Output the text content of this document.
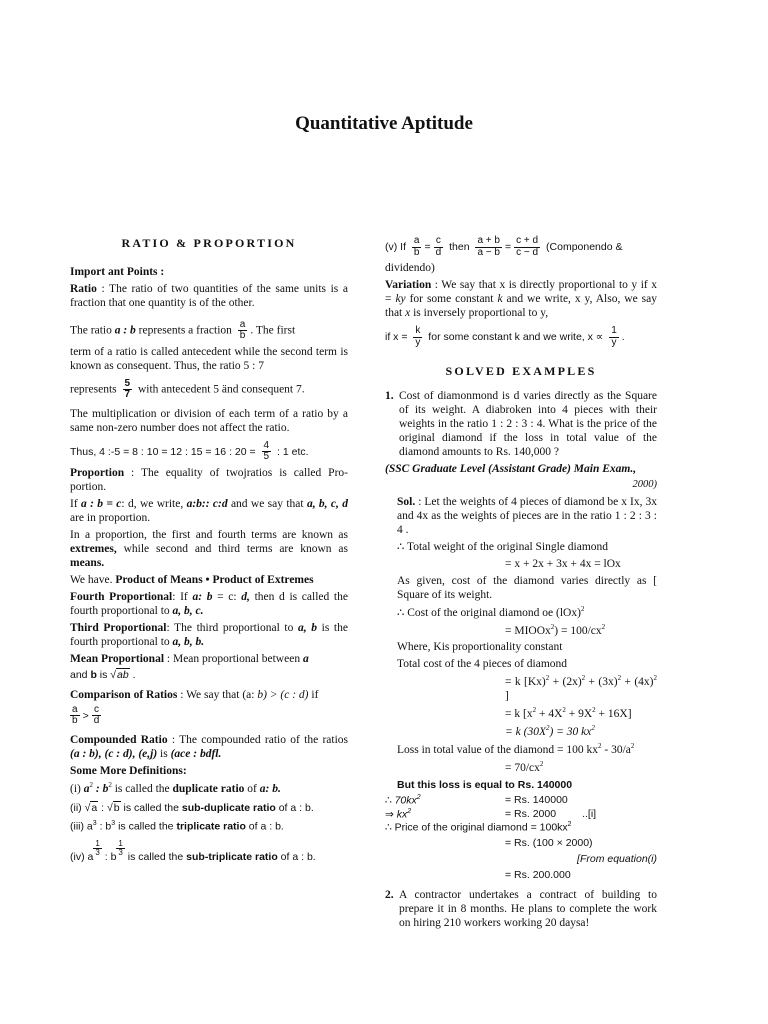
Quantitative Aptitude
RATIO & PROPORTION

Import ant Points :

Ratio : The ratio of two quantities of the same units is a fraction that one quantity is of the other.

The ratio a : b represents a fraction $\frac{a}{b}$ . The first

term of a ratio is called antecedent while the second term is known as consequent. Thus, the ratio 5 : 7

represents $\frac{5}{7}$ with antecedent 5 änd consequent 7.

The multiplication or division of each term of a ratio by a same non-zero number does not affect the ratio.

Thus, 4 :-5 = 8 : 10 = 12 : 15 = 16 : $20 = \frac{4}{5}$ : 1 etc.

Proportion : The equality of twojratios is called Pro-portion.

If a : b = c: d, we write, a:b:: c:d and we say that a, b, c, d are in proportion.

In a proportion, the first and fourth terms are known as extremes, while second and third terms are known as means.

We have. Product of Means • Product of Extremes

Fourth Proportional: If a: b = c: d, then d is called the fourth proportional to a, b, c.

Third Proportional: The third proportional to a, b is the fourth proportional to a, b, b.

Mean Proportional : Mean proportional between a

and b is √ab .

Comparison of Ratios : We say that (a: b) > (c : d) if

$\frac{a}{b} > \frac{c}{d}$

Compounded Ratio : The compounded ratio of the ratios (a : b), (c : d), (e,j) is (ace : bdfl.

Some More Definitions:

(i) $a^2$ : $b^2$ is called the duplicate ratio of a: b.

(ii) √a : √b is called the sub-duplicate ratio of a : b.

(iii) $a^3$ : $b^3$ is called the triplicate ratio of a : b.

(iv) a $\frac{1}{3}$ : b $\frac{1}{3}$ is called the sub-triplicate ratio of a : b.

(v) If $\frac{a}{b} = \frac{c}{d}$ then $\frac{a + b}{a - b} = \frac{c + d}{c - d}$ (Componendo &

dividendo)

Variation : We say that x is directly proportional to y if x = ky for some constant k and we write, x y, Also, we say that x is inversely proportional to y,

if $x = \frac{k}{y}$ for some constant k and we write, $x \propto \frac{1}{y}$ .

SOLVED EXAMPLES
1. Cost of diamonmond is d varies directly as the Square of its weight. A diabroken into 4 pieces with their weights in the ratio 1 : 2 : 3 : 4. What is the price of the original diamond if the loss in total value of the diamond amounts to Rs. 140,000 ?

(SSC Graduate Level (Assistant Grade) Main Exam.,

2000)

Sol. : Let the weights of 4 pieces of diamond be x Ix, 3x and 4x as the weights of pieces are in the ratio 1 : 2 : 3 : 4 .

∴ Total weight of the original Single diamond

= x + 2x + 3x + 4x = lOx

As given, cost of the diamond varies directly as [ Square of its weight.

∴ Cost of the original diamond oe (lOx)$^2$

= MIOOx$^2$) = $100/cx^2$

Where, Kis proportionality constant

Total cost of the 4 pieces of diamond

= k $[Kx)^2 + (2x)^2 + (3x)^2 + (4x)^2$ ]

= k $[x^2 + 4X^2 + 9X^2 + 16X]$

= k $(30X^2) = 30$ $kx^2$

Loss in total value of the diamond = 100 $kx^2 - 30/a^2$

= $70/cx^2$

But this loss is equal to Rs. 140000

∴ $70kx^2$	= Rs. 140000
⇒ $kx^2$	= Rs. 2000 ..[i]

∴ Price of the original diamond = $100kx^2$

= Rs. (100 × 2000)

[From equation(i)

= Rs. 200.000

2. A contractor undertakes a contract of building to prepare it in 8 months. He plans to complete the work on hiring 210 workers working 20 daysa!
